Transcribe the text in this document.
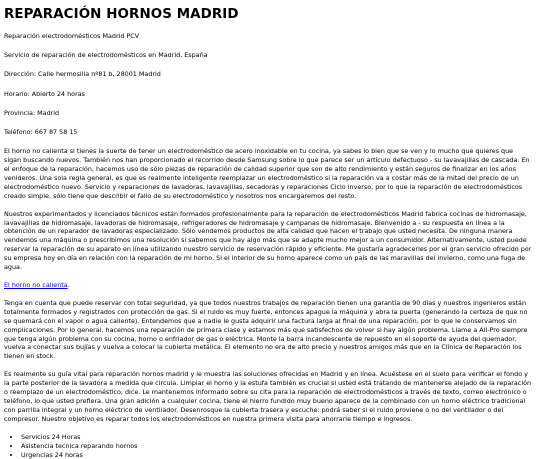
REPARACIÓN HORNOS MADRID

Reparación electrodomésticos Madrid PCV

Servicio de reparación de electrodomésticos en Madrid, España

Dirección: Calle hermosilla nº81 b, 28001 Madrid

Horario: Abierto 24 horas

Provincia: Madrid

Teléfono: 667 87 58 15

El horno no calienta si tienes la suerte de tener un electrodoméstico de acero inoxidable en tu cocina, ya sabes lo bien que se ven y lo mucho que quieres que sigan buscando nuevos. También nos han proporcionado el recorrido desde Samsung sobre lo que parece ser un artículo defectuoso - su lavavajillas de cascada. En el enfoque de la reparación, hacemos uso de sólo piezas de reparación de calidad superior que son de alto rendimiento y están seguros de finalizar en los años venideros. Una sola regla general, es que es realmente inteligente reemplazar un electrodoméstico si la reparación va a costar más de la mitad del precio de un electrodoméstico nuevo. Servicio y reparaciones de lavadoras, lavavajillas, secadoras y reparaciones Ciclo inverso, por lo que la reparación de electrodomésticos creado simple, sólo tiene que describir el fallo de su electrodoméstico y nosotros nos encargaremos del resto.

Nuestros experimentados y licenciados técnicos están formados profesionalmente para la reparación de electrodomésticos Madrid fabrica cocinas de hidromasaje, lavavajillas de hidromasaje, lavadoras de hidromasaje, refrigeradores de hidromasaje y campanas de hidromasaje. Bienvenido a - su respuesta en línea a la obtención de un reparador de lavadoras especializado. Sólo vendemos productos de alta calidad que hacen el trabajo que usted necesita. De ninguna manera vendemos una máquina o prescribimos una resolución si sabemos que hay algo más que se adapte mucho mejor a un consumidor. Alternativamente, usted puede reservar la reparación de su aparato en línea utilizando nuestro servicio de reservación rápido y eficiente. Me gustaría agradecerles por el gran servicio ofrecido por su empresa hoy en día en relación con la reparación de mi horno. Si el interior de su horno aparece como un país de las maravillas del invierno, como una fuga de agua.

El horno no calienta.

Tenga en cuenta que puede reservar con total seguridad, ya que todos nuestros trabajos de reparación tienen una garantía de 90 días y nuestros ingenieros están totalmente formados y registrados con protección de gas. Si el ruido es muy fuerte, entonces apague la máquina y abra la puerta (generando la certeza de que no se quemará con el vapor o agua caliente). Entendemos que a nadie le gusta adquirir una factura larga al final de una reparación, por lo que le conservamos sin complicaciones. Por lo general, hacemos una reparación de primera clase y estamos más que satisfechos de volver si hay algún problema. Llame a All-Pro siempre que tenga algún problema con su cocina, horno o enfriador de gas o eléctrica. Monte la barra incandescente de repuesto en el soporte de ayuda del quemador, vuelva a conectar sus bujías y vuelva a colocar la cubierta metálica. El elemento no era de alto precio y nuestros amigos más que en la Clínica de Reparación los tienen en stock.

Es realmente su guía vital para reparación hornos madrid y le muestra las soluciones ofrecidas en Madrid y en línea. Acuéstese en el suelo para verificar el fondo y la parte posterior de la lavadora a medida que circula. Limpiar el horno y la estufa también es crucial si usted está tratando de mantenerse alejado de la reparación o reemplazo de un electrodoméstico, dice. Le mantenemos informado sobre su cita para la reparación de electrodomésticos a través de texto, correo electrónico o teléfono, lo que usted prefiera. Una gran adición a cualquier cocina, tiene el hierro fundido muy bueno aparece de la combinado con un horno eléctrico tradicional con parrilla integral y un horno eléctrico de ventilador. Desenrosque la cubierta trasera y escuche: podrá saber si el ruido proviene o no del ventilador o del compresor. Nuestro objetivo es reparar todos los electrodomésticos en nuestra primera visita para ahorrarle tiempo e ingresos.

• Servicios 24 Horas
• Asistencia tecnica reparando hornos
• Urgencias 24 horas
